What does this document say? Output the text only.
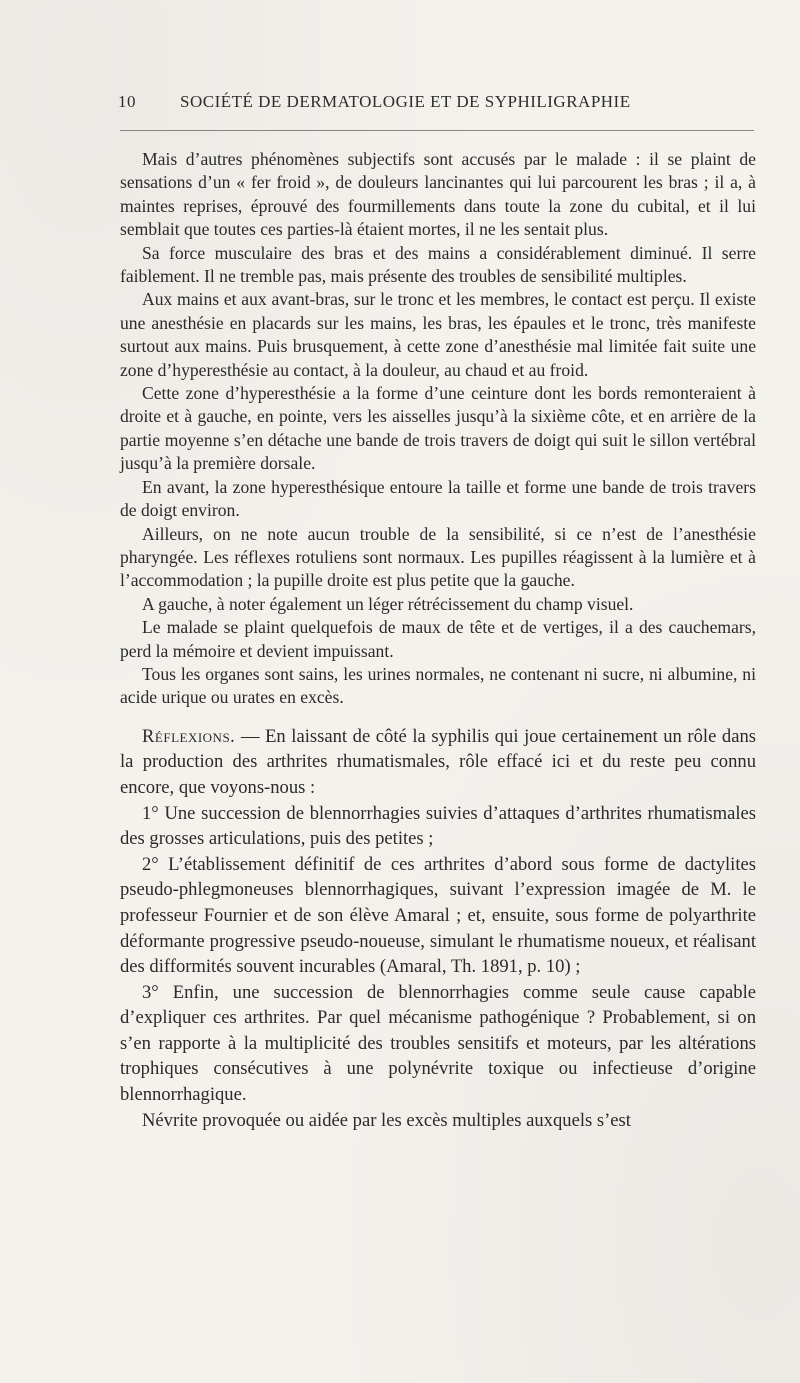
10	SOCIÉTÉ DE DERMATOLOGIE ET DE SYPHILIGRAPHIE

Mais d’autres phénomènes subjectifs sont accusés par le malade : il se plaint de sensations d’un « fer froid », de douleurs lancinantes qui lui parcourent les bras ; il a, à maintes reprises, éprouvé des fourmillements dans toute la zone du cubital, et il lui semblait que toutes ces parties-là étaient mortes, il ne les sentait plus.

Sa force musculaire des bras et des mains a considérablement diminué. Il serre faiblement. Il ne tremble pas, mais présente des troubles de sensibilité multiples.

Aux mains et aux avant-bras, sur le tronc et les membres, le contact est perçu. Il existe une anesthésie en placards sur les mains, les bras, les épaules et le tronc, très manifeste surtout aux mains. Puis brusquement, à cette zone d’anesthésie mal limitée fait suite une zone d’hyperesthésie au contact, à la douleur, au chaud et au froid.

Cette zone d’hyperesthésie a la forme d’une ceinture dont les bords remonteraient à droite et à gauche, en pointe, vers les aisselles jusqu’à la sixième côte, et en arrière de la partie moyenne s’en détache une bande de trois travers de doigt qui suit le sillon vertébral jusqu’à la première dorsale.

En avant, la zone hyperesthésique entoure la taille et forme une bande de trois travers de doigt environ.

Ailleurs, on ne note aucun trouble de la sensibilité, si ce n’est de l’anesthésie pharyngée. Les réflexes rotuliens sont normaux. Les pupilles réagissent à la lumière et à l’accommodation ; la pupille droite est plus petite que la gauche.

A gauche, à noter également un léger rétrécissement du champ visuel.

Le malade se plaint quelquefois de maux de tête et de vertiges, il a des cauchemars, perd la mémoire et devient impuissant.

Tous les organes sont sains, les urines normales, ne contenant ni sucre, ni albumine, ni acide urique ou urates en excès.

Réflexions. — En laissant de côté la syphilis qui joue certainement un rôle dans la production des arthrites rhumatismales, rôle effacé ici et du reste peu connu encore, que voyons-nous :

1° Une succession de blennorrhagies suivies d’attaques d’arthrites rhumatismales des grosses articulations, puis des petites ;

2° L’établissement définitif de ces arthrites d’abord sous forme de dactylites pseudo-phlegmoneuses blennorrhagiques, suivant l’expression imagée de M. le professeur Fournier et de son élève Amaral ; et, ensuite, sous forme de polyarthrite déformante progressive pseudo-noueuse, simulant le rhumatisme noueux, et réalisant des difformités souvent incurables (Amaral, Th. 1891, p. 10) ;

3° Enfin, une succession de blennorrhagies comme seule cause capable d’expliquer ces arthrites. Par quel mécanisme pathogénique ? Probablement, si on s’en rapporte à la multiplicité des troubles sensitifs et moteurs, par les altérations trophiques consécutives à une polynévrite toxique ou infectieuse d’origine blennorrhagique.

Névrite provoquée ou aidée par les excès multiples auxquels s’est
